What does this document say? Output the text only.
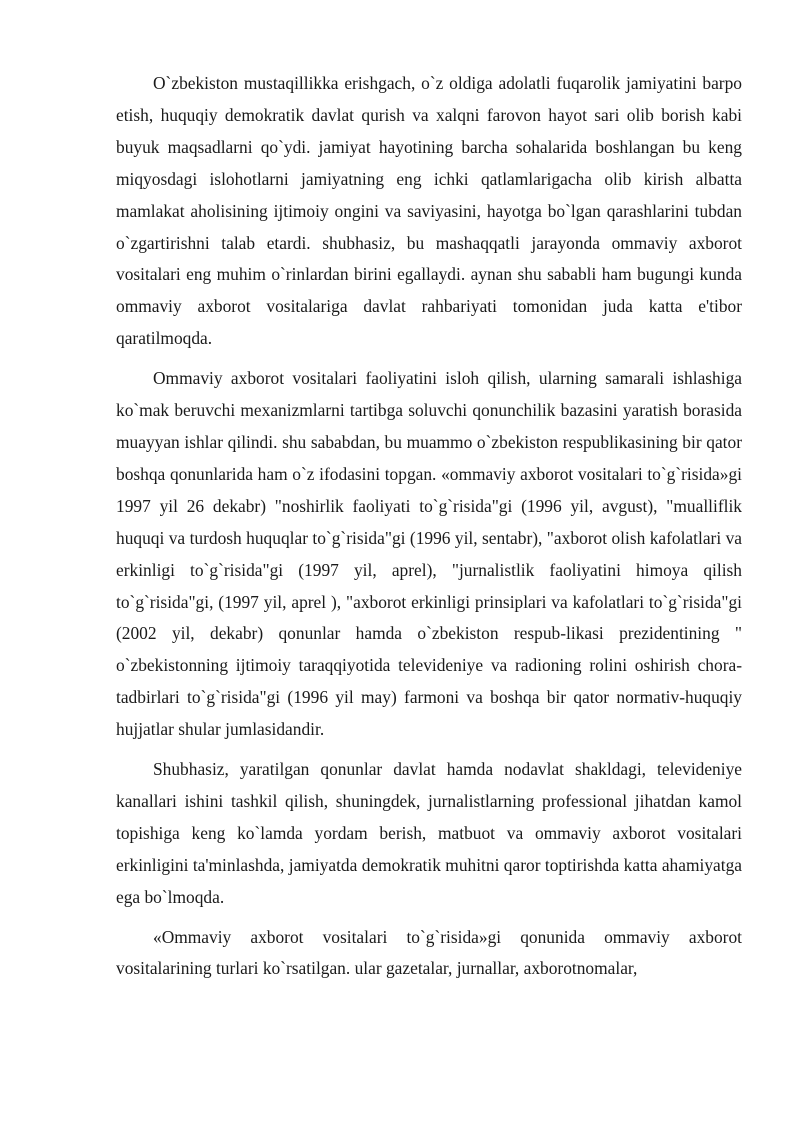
O`zbekiston mustaqillikka erishgach, o`z oldiga adolatli fuqarolik jamiyatini barpo etish, huquqiy demokratik davlat qurish va xalqni farovon hayot sari olib borish kabi buyuk maqsadlarni qo`ydi. jamiyat hayotining barcha sohalarida boshlangan bu keng miqyosdagi islohotlarni jamiyatning eng ichki qatlamlarigacha olib kirish albatta mamlakat aholisining ijtimoiy ongini va saviyasini, hayotga bo`lgan qarashlarini tubdan o`zgartirishni talab etardi. shubhasiz, bu mashaqqatli jarayonda ommaviy axborot vositalari eng muhim o`rinlardan birini egallaydi. aynan shu sababli ham bugungi kunda ommaviy axborot vositalariga davlat rahbariyati tomonidan juda katta e'tibor qaratilmoqda.

Ommaviy axborot vositalari faoliyatini isloh qilish, ularning samarali ishlashiga ko`mak beruvchi mexanizmlarni tartibga soluvchi qonunchilik bazasini yaratish borasida muayyan ishlar qilindi. shu sababdan, bu muammo o`zbekiston respublikasining bir qator boshqa qonunlarida ham o`z ifodasini topgan. «ommaviy axborot vositalari to`g`risida»gi 1997 yil 26 dekabr) "noshirlik faoliyati to`g`risida"gi (1996 yil, avgust), "mualliflik huquqi va turdosh huquqlar to`g`risida"gi (1996 yil, sentabr), "axborot olish kafolatlari va erkinligi to`g`risida"gi (1997 yil, aprel), "jurnalistlik faoliyatini himoya qilish to`g`risida"gi, (1997 yil, aprel ), "axborot erkinligi prinsiplari va kafolatlari to`g`risida"gi (2002 yil, dekabr) qonunlar hamda o`zbekiston respub-likasi prezidentining " o`zbekistonning ijtimoiy taraqqiyotida televideniye va radioning rolini oshirish chora-tadbirlari to`g`risida"gi (1996 yil may) farmoni va boshqa bir qator normativ-huquqiy hujjatlar shular jumlasidandir.

Shubhasiz, yaratilgan qonunlar davlat hamda nodavlat shakldagi, televideniye kanallari ishini tashkil qilish, shuningdek, jurnalistlarning professional jihatdan kamol topishiga keng ko`lamda yordam berish, matbuot va ommaviy axborot vositalari erkinligini ta'minlashda, jamiyatda demokratik muhitni qaror toptirishda katta ahamiyatga ega bo`lmoqda.

«Ommaviy axborot vositalari to`g`risida»gi qonunida ommaviy axborot vositalarining turlari ko`rsatilgan. ular gazetalar, jurnallar, axborotnomalar,
